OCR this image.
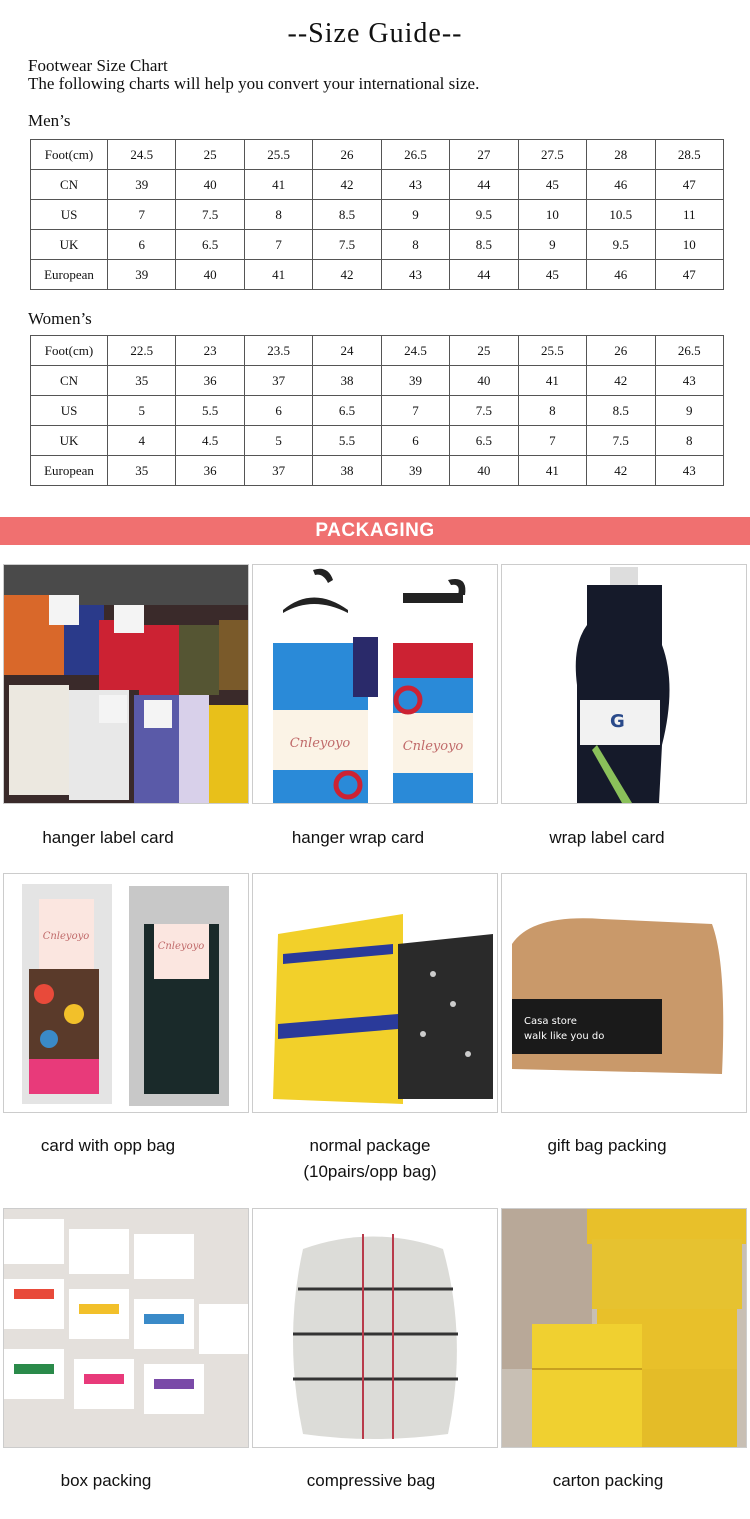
--Size Guide--
Footwear Size Chart
The following charts will help you convert your international size.
Men’s
Foot(cm)	24.5	25	25.5	26	26.5	27	27.5	28	28.5
CN	39	40	41	42	43	44	45	46	47
US	7	7.5	8	8.5	9	9.5	10	10.5	11
UK	6	6.5	7	7.5	8	8.5	9	9.5	10
European	39	40	41	42	43	44	45	46	47
Women’s
Foot(cm)	22.5	23	23.5	24	24.5	25	25.5	26	26.5
CN	35	36	37	38	39	40	41	42	43
US	5	5.5	6	6.5	7	7.5	8	8.5	9
UK	4	4.5	5	5.5	6	6.5	7	7.5	8
European	35	36	37	38	39	40	41	42	43
PACKAGING
Cnleyoyo	Cnleyoyo
G
Cnleyoyo
Cnleyoyo
Casa store
walk like you do
hanger label card	hanger wrap card	wrap label card
card with opp bag	normal package
(10pairs/opp bag)
gift bag packing
box packing	compressive bag	carton packing
